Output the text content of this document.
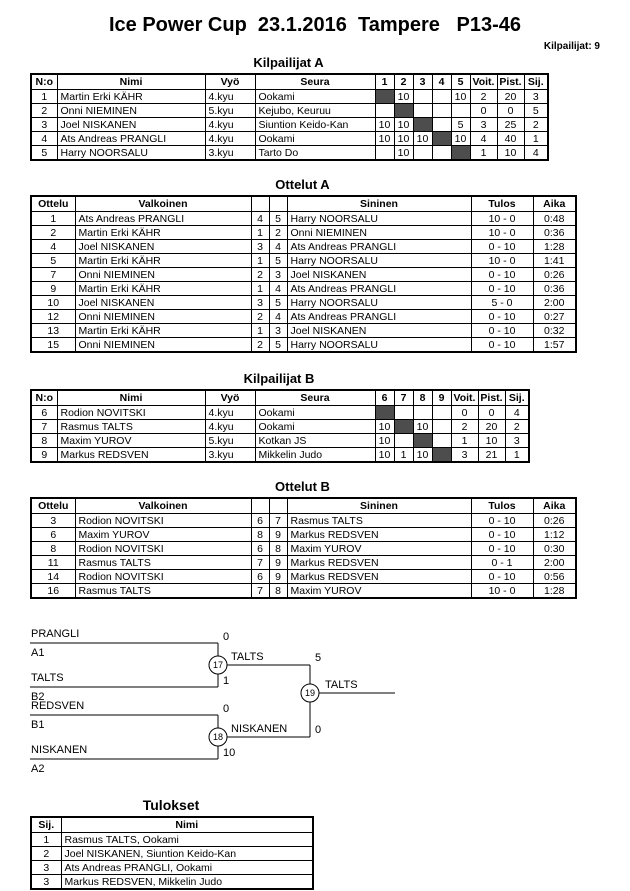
Ice Power Cup  23.1.2016  Tampere   P13-46
Kilpailijat: 9
Kilpailijat A
N:o	Nimi	Vyö	Seura	1	2	3	4	5	Voit.	Pist.	Sij.
1	Martin Erki KÄHR	4.kyu	Ookami		10			10	2	20	3
2	Onni NIEMINEN	5.kyu	Kejubo, Keuruu						0	0	5
3	Joel NISKANEN	4.kyu	Siuntion Keido-Kan	10	10			5	3	25	2
4	Ats Andreas PRANGLI	4.kyu	Ookami	10	10	10		10	4	40	1
5	Harry NOORSALU	3.kyu	Tarto Do		10				1	10	4
Ottelut A
Ottelu	Valkoinen			Sininen	Tulos	Aika
1	Ats Andreas PRANGLI	4	5	Harry NOORSALU	10 - 0	0:48
2	Martin Erki KÄHR	1	2	Onni NIEMINEN	10 - 0	0:36
4	Joel NISKANEN	3	4	Ats Andreas PRANGLI	0 - 10	1:28
5	Martin Erki KÄHR	1	5	Harry NOORSALU	10 - 0	1:41
7	Onni NIEMINEN	2	3	Joel NISKANEN	0 - 10	0:26
9	Martin Erki KÄHR	1	4	Ats Andreas PRANGLI	0 - 10	0:36
10	Joel NISKANEN	3	5	Harry NOORSALU	5 - 0	2:00
12	Onni NIEMINEN	2	4	Ats Andreas PRANGLI	0 - 10	0:27
13	Martin Erki KÄHR	1	3	Joel NISKANEN	0 - 10	0:32
15	Onni NIEMINEN	2	5	Harry NOORSALU	0 - 10	1:57
Kilpailijat B
N:o	Nimi	Vyö	Seura	6	7	8	9	Voit.	Pist.	Sij.
6	Rodion NOVITSKI	4.kyu	Ookami					0	0	4
7	Rasmus TALTS	4.kyu	Ookami	10		10		2	20	2
8	Maxim YUROV	5.kyu	Kotkan JS	10				1	10	3
9	Markus REDSVEN	3.kyu	Mikkelin Judo	10	1	10		3	21	1
Ottelut B
Ottelu	Valkoinen			Sininen	Tulos	Aika
3	Rodion NOVITSKI	6	7	Rasmus TALTS	0 - 10	0:26
6	Maxim YUROV	8	9	Markus REDSVEN	0 - 10	1:12
8	Rodion NOVITSKI	6	8	Maxim YUROV	0 - 10	0:30
11	Rasmus TALTS	7	9	Markus REDSVEN	0 - 1	2:00
14	Rodion NOVITSKI	6	9	Markus REDSVEN	0 - 10	0:56
16	Rasmus TALTS	7	8	Maxim YUROV	10 - 0	1:28
PRANGLI
A1
0
TALTS
B2
1
TALTS	5
17
REDSVEN
B1
0
NISKANEN
A2
10
NISKANEN	0
18
TALTS
19
Tulokset
Sij.	Nimi
1	Rasmus TALTS, Ookami
2	Joel NISKANEN, Siuntion Keido-Kan
3	Ats Andreas PRANGLI, Ookami
3	Markus REDSVEN, Mikkelin Judo
